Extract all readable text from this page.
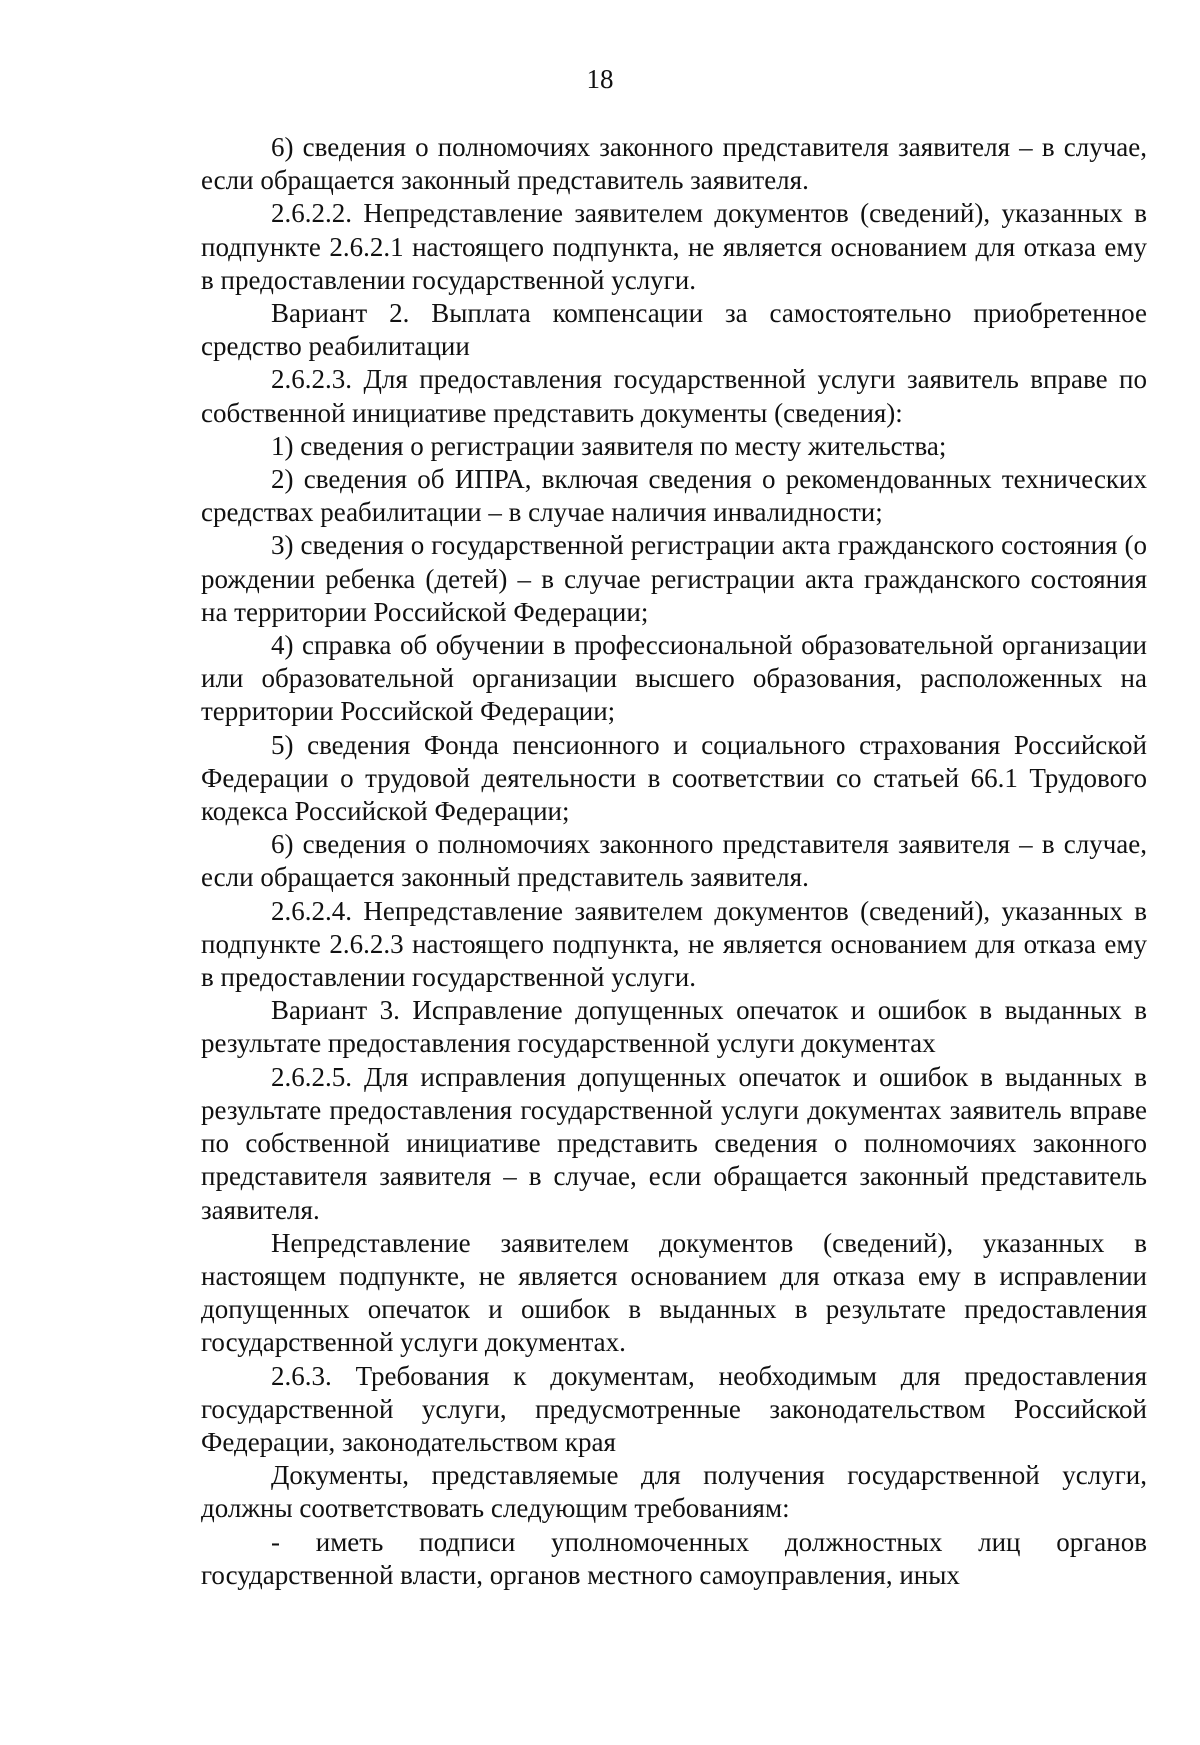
18

6) сведения о полномочиях законного представителя заявителя – в случае, если обращается законный представитель заявителя.

2.6.2.2. Непредставление заявителем документов (сведений), указанных в подпункте 2.6.2.1 настоящего подпункта, не является основанием для отказа ему в предоставлении государственной услуги.

Вариант 2. Выплата компенсации за самостоятельно приобретенное средство реабилитации

2.6.2.3. Для предоставления государственной услуги заявитель вправе по собственной инициативе представить документы (сведения):

1) сведения о регистрации заявителя по месту жительства;

2) сведения об ИПРА, включая сведения о рекомендованных технических средствах реабилитации – в случае наличия инвалидности;

3) сведения о государственной регистрации акта гражданского состояния (о рождении ребенка (детей) – в случае регистрации акта гражданского состояния на территории Российской Федерации;

4) справка об обучении в профессиональной образовательной организации или образовательной организации высшего образования, расположенных на территории Российской Федерации;

5) сведения Фонда пенсионного и социального страхования Российской Федерации о трудовой деятельности в соответствии со статьей 66.1 Трудового кодекса Российской Федерации;

6) сведения о полномочиях законного представителя заявителя – в случае, если обращается законный представитель заявителя.

2.6.2.4. Непредставление заявителем документов (сведений), указанных в подпункте 2.6.2.3 настоящего подпункта, не является основанием для отказа ему в предоставлении государственной услуги.

Вариант 3. Исправление допущенных опечаток и ошибок в выданных в результате предоставления государственной услуги документах

2.6.2.5. Для исправления допущенных опечаток и ошибок в выданных в результате предоставления государственной услуги документах заявитель вправе по собственной инициативе представить сведения о полномочиях законного представителя заявителя – в случае, если обращается законный представитель заявителя.

Непредставление заявителем документов (сведений), указанных в настоящем подпункте, не является основанием для отказа ему в исправлении допущенных опечаток и ошибок в выданных в результате предоставления государственной услуги документах.

2.6.3. Требования к документам, необходимым для предоставления государственной услуги, предусмотренные законодательством Российской Федерации, законодательством края

Документы, представляемые для получения государственной услуги, должны соответствовать следующим требованиям:

- иметь подписи уполномоченных должностных лиц органов государственной власти, органов местного самоуправления, иных
